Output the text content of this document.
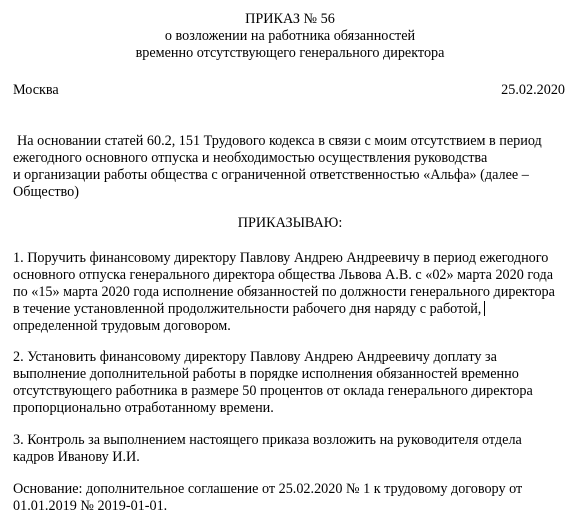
ПРИКАЗ № 56
о возложении на работника обязанностей
временно отсутствующего генерального директора
Москва	25.02.2020
На основании статей 60.2, 151 Трудового кодекса в связи с моим отсутствием в период
ежегодного основного отпуска и необходимостью осуществления руководства
и организации работы общества с ограниченной ответственностью «Альфа» (далее –
Общество)
ПРИКАЗЫВАЮ:
1. Поручить финансовому директору Павлову Андрею Андреевичу в период ежегодного
основного отпуска генерального директора общества Львова А.В. с «02» марта 2020 года
по «15» марта 2020 года исполнение обязанностей по должности генерального директора
в течение установленной продолжительности рабочего дня наряду с работой,
определенной трудовым договором.
2. Установить финансовому директору Павлову Андрею Андреевичу доплату за
выполнение дополнительной работы в порядке исполнения обязанностей временно
отсутствующего работника в размере 50 процентов от оклада генерального директора
пропорционально отработанному времени.
3. Контроль за выполнением настоящего приказа возложить на руководителя отдела
кадров Иванову И.И.
Основание: дополнительное соглашение от 25.02.2020 № 1 к трудовому договору от
01.01.2019 № 2019-01-01.
